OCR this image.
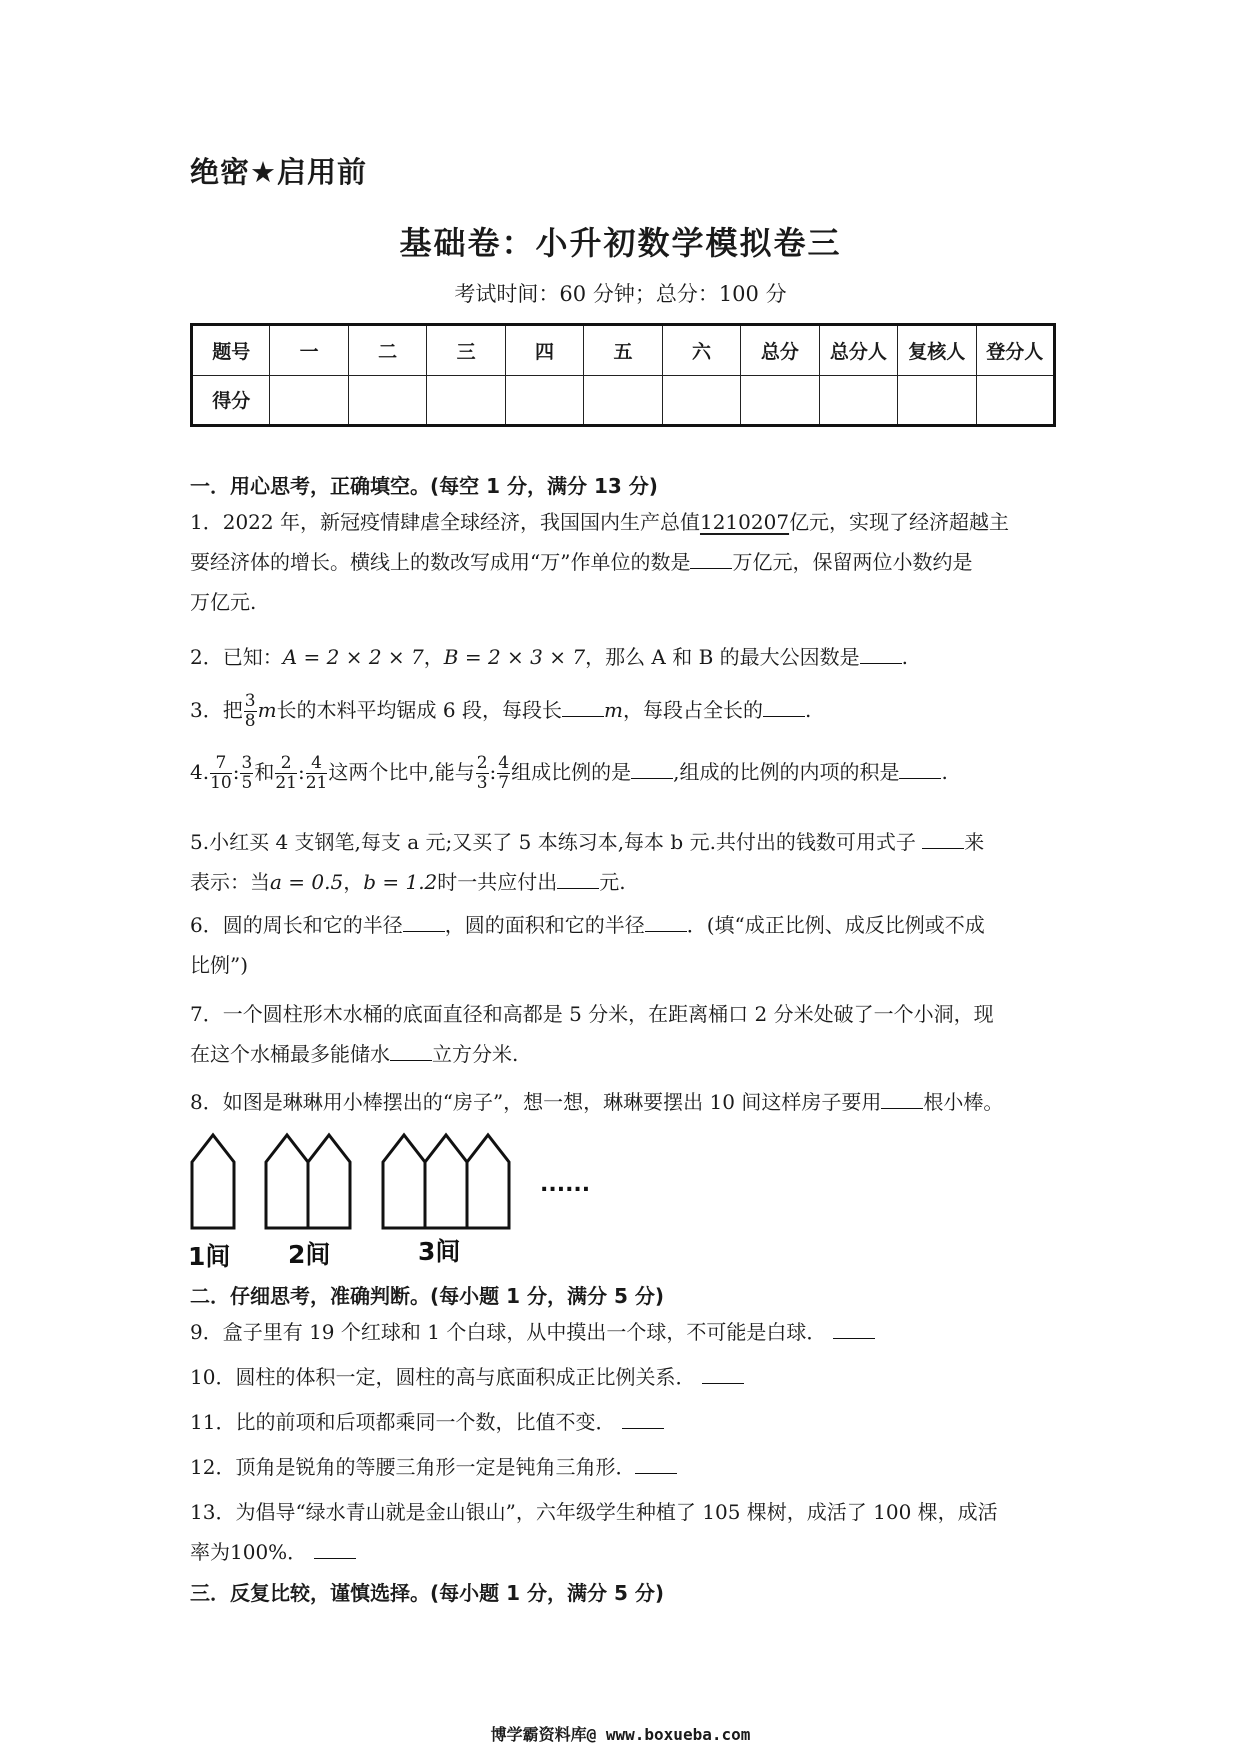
绝密★启用前
基础卷：小升初数学模拟卷三
考试时间：60 分钟；总分：100 分
题号	一	二	三	四	五	六	总分	总分人	复核人	登分人
得分										
一．用心思考，正确填空。(每空 1 分，满分 13 分)
1．2022 年，新冠疫情肆虐全球经济，我国国内生产总值1210207亿元，实现了经济超越主
要经济体的增长。横线上的数改写成用“万”作单位的数是 万亿元，保留两位小数约是
万亿元.
2．已知：A = 2 × 2 × 7，B = 2 × 3 × 7，那么 A 和 B 的最大公因数是 .
3．把 $\frac{3}{8}$ m长的木料平均锯成 6 段，每段长 m，每段占全长的 .
4. $\frac{7}{10}$ : $\frac{3}{5}$ 和 $\frac{2}{21}$ : $\frac{4}{21}$ 这两个比中,能与 $\frac{2}{3}$ : $\frac{4}{7}$ 组成比例的是 ,组成的比例的内项的积是 .
5.小红买 4 支钢笔,每支 a 元;又买了 5 本练习本,每本 b 元.共付出的钱数可用式子 来
表示：当a = 0.5，b = 1.2时一共应付出 元.
6．圆的周长和它的半径 ，圆的面积和它的半径 ．(填“成正比例、成反比例或不成
比例”)
7．一个圆柱形木水桶的底面直径和高都是 5 分米，在距离桶口 2 分米处破了一个小洞，现
在这个水桶最多能储水 立方分米.
8．如图是琳琳用小棒摆出的“房子”，想一想，琳琳要摆出 10 间这样房子要用 根小棒。
......
1间 2间	3间
二．仔细思考，准确判断。(每小题 1 分，满分 5 分)
9．盒子里有 19 个红球和 1 个白球，从中摸出一个球，不可能是白球．
10．圆柱的体积一定，圆柱的高与底面积成正比例关系．
11．比的前项和后项都乘同一个数，比值不变．
12．顶角是锐角的等腰三角形一定是钝角三角形．
13．为倡导“绿水青山就是金山银山”，六年级学生种植了 105 棵树，成活了 100 棵，成活
率为100%．
三．反复比较，谨慎选择。(每小题 1 分，满分 5 分)
博学霸资料库@ www.boxueba.com
